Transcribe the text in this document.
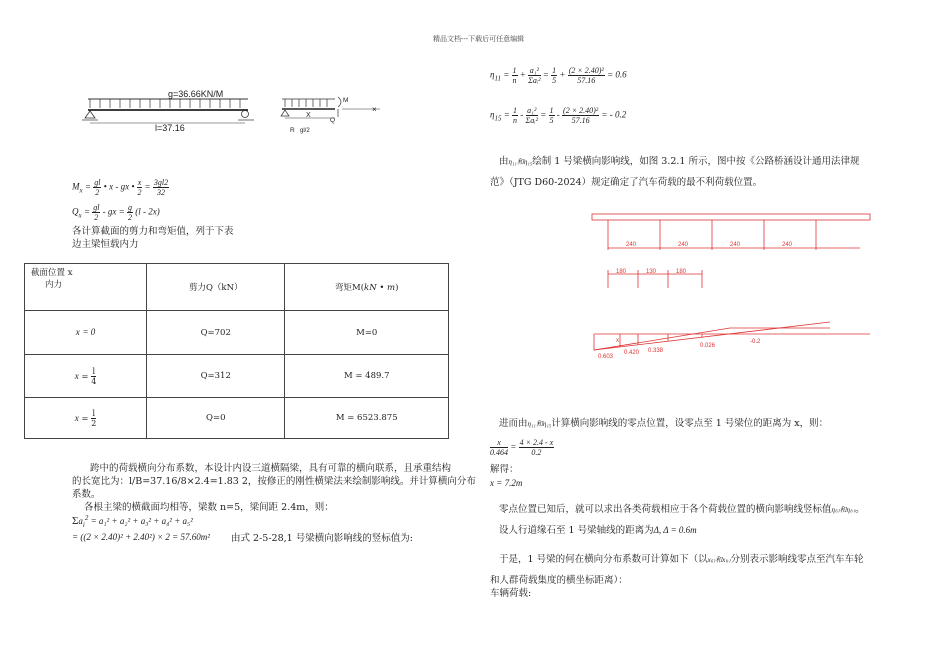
精品文档---下载后可任意编辑
g=36.66KN/M
l=37.16
M
Q
×
X
R gl/2
$M_x = \frac{gl}{2}$ • x - gx • $\frac{x}{2} = \frac{3gl2}{32}$
$Q_x = \frac{gl}{2}$ - gx = $\frac{g}{2} (l - 2x)$
各计算截面的剪力和弯矩值，列于下表
边主梁恒载内力
截面位置 x
内力	剪力Q（kN）	弯矩M(kN • m)
x = 0	Q=702	M=0
$x = \frac{l}{4}$	Q=312	M = 489.7
$x = \frac{l}{2}$	Q=0	M = 6523.875
跨中的荷载横向分布系数，本设计内设三道横隔梁，具有可靠的横向联系，且承重结构
的长宽比为：l/B=37.16/8×2.4=1.83 2，按修正的刚性横梁法来绘制影响线。并计算横向分布
系数。
各根主梁的横截面均相等，梁数 n=5，梁间距 2.4m，则：
$\Sigma a_i^2 = a_1^2 + a_2^2 + a_3^2 + a_4^2 + a_5^2$
= ((2 × 2.40)² + 2.40²) × 2 = 57.60m² 由式 2-5-28,1 号梁横向影响线的竖标值为:
$\eta_{11} = \frac{1}{n} + \frac{\text{a₁²}}{\text{Σaᵢ²}} = \frac{1}{5} + \frac{\text{(2 × 2.40)²}}{57.16} = 0.6$
$\eta_{15} = \frac{1}{n} - \frac{\text{a₁²}}{\text{Σaᵢ²}} = \frac{1}{5} - \frac{\text{(2 × 2.40)²}}{57.16}$ = - 0.2
由η₁₁和η₁₅绘制 1 号梁横向影响线，如图 3.2.1 所示，图中按《公路桥涵设计通用法律规
范》（JTG D60-2024）规定确定了汽车荷载的最不利荷载位置。
240	240	240	240
180	130	180
x
0.603
0.420 0.338
0.026
-0.2
进而由η₁₁和η₁₅计算横向影响线的零点位置，设零点至 1 号梁位的距离为 x，则：
$\frac{x}{0.464} = \frac{4 \times 2.4 - x}{0.2}$
解得：
x = 7.2m
零点位置已知后，就可以求出各类荷载相应于各个荷载位置的横向影响线竖标值η₍ᵢ₎和η₍ᵣ₎。
设人行道缘石至 1 号梁轴线的距离为Δ, Δ = 0.6m
于是，1 号梁的何在横向分布系数可计算如下（以x₍ᵢ₎和x₍ᵣ₎分别表示影响线零点至汽车车轮
和人群荷载集度的横坐标距离）：
车辆荷载:
